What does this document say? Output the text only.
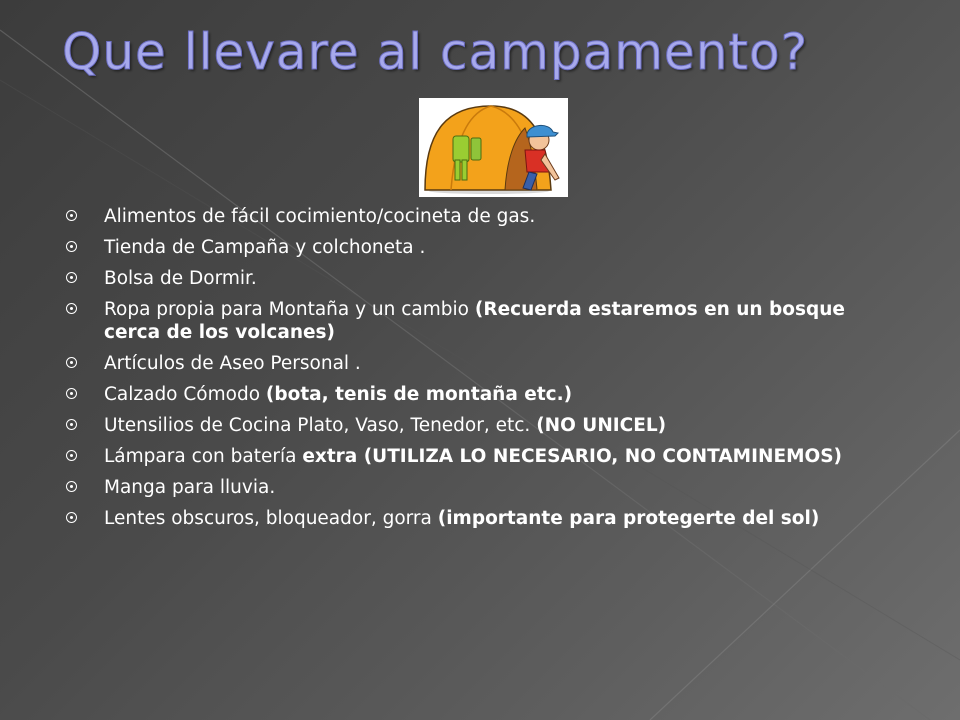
Que llevare al campamento?
Alimentos de fácil cocimiento/cocineta de gas.
Tienda de Campaña y colchoneta .
Bolsa de Dormir.
Ropa propia para Montaña y un cambio (Recuerda estaremos en un bosque cerca de los volcanes)
Artículos de Aseo Personal .
Calzado Cómodo (bota, tenis de montaña etc.)
Utensilios de Cocina Plato, Vaso, Tenedor, etc. (NO UNICEL)
Lámpara con batería extra (UTILIZA LO NECESARIO, NO CONTAMINEMOS)
Manga para lluvia.
Lentes obscuros, bloqueador, gorra (importante para protegerte del sol)
